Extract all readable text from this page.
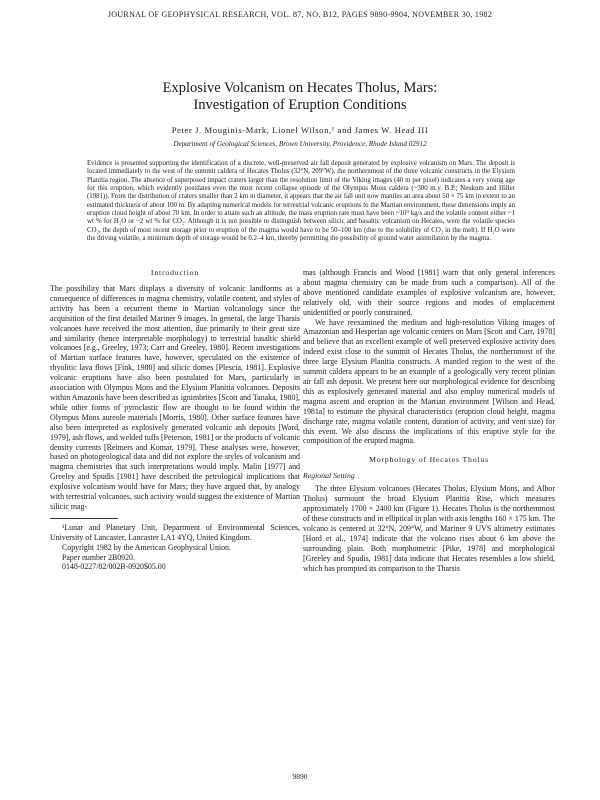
JOURNAL OF GEOPHYSICAL RESEARCH, VOL. 87, NO. B12, PAGES 9890-9904, NOVEMBER 30, 1982
Explosive Volcanism on Hecates Tholus, Mars:
Investigation of Eruption Conditions
Peter J. Mouginis-Mark, Lionel Wilson,¹ and James W. Head III
Department of Geological Sciences, Brown University, Providence, Rhode Island 02912

Evidence is presented supporting the identification of a discrete, well-preserved air fall deposit generated by explosive volcanism on Mars. The deposit is located immediately to the west of the summit caldera of Hecates Tholus (32°N, 209°W), the northernmost of the three volcanic constructs in the Elysium Planitia region. The absence of superposed impact craters larger than the resolution limit of the Viking images (40 m per pixel) indicates a very young age for this eruption, which evidently postdates even the most recent collapse episode of the Olympus Mons caldera (~300 m.y. B.P.; Neukum and Hiller (1981)). From the distribution of craters smaller than 2 km in diameter, it appears that the air fall unit now mantles an area about 50 × 75 km in extent to an estimated thickness of about 100 m. By adapting numerical models for terrestrial volcanic eruptions to the Martian environment, these dimensions imply an eruption cloud height of about 70 km. In order to attain such an altitude, the mass eruption rate must have been ~10⁹ kg/s and the volatile content either ~1 wt % for H₂O or ~2 wt % for CO₂. Although it is not possible to distinguish between silicic and basaltic volcanism on Hecates, were the volatile species CO₂, the depth of most recent storage prior to eruption of the magma would have to be 50–100 km (due to the solubility of CO₂ in the melt). If H₂O were the driving volatile, a minimum depth of storage would be 0.2–4 km, thereby permitting the possibility of ground water assimilation by the magma.

Introduction

The possibility that Mars displays a diversity of volcanic landforms as a consequence of differences in magma chemistry, volatile content, and styles of activity has been a recurrent theme in Martian volcanology since the acquisition of the first detailed Mariner 9 images. In general, the large Tharsis volcanoes have received the most attention, due primarily to their great size and similarity (hence interpretable morphology) to terrestrial basaltic shield volcanoes [e.g., Greeley, 1973; Carr and Greeley, 1980]. Recent investigations of Martian surface features have, however, speculated on the existence of rhyolitic lava flows [Fink, 1980] and silicic domes [Plescia, 1981]. Explosive volcanic eruptions have also been postulated for Mars, particularly in association with Olympus Mons and the Elysium Planitia volcanoes. Deposits within Amazonis have been described as ignimbrites [Scott and Tanaka, 1980], while other forms of pyroclastic flow are thought to be found within the Olympus Mons aureole materials [Morris, 1980]. Other surface features have also been interpreted as explosively generated volcanic ash deposits [Ward, 1979], ash flows, and welded tuffs [Peterson, 1981] or the products of volcanic density currents [Reimers and Komar, 1979]. These analyses were, however, based on photogeological data and did not explore the styles of volcanism and magma chemistries that such interpretations would imply. Malin [1977] and Greeley and Spudis [1981] have described the petrological implications that explosive volcanism would have for Mars; they have argued that, by analogy with terrestrial volcanoes, such activity would suggest the existence of Martian silicic mag-

¹Lunar and Planetary Unit, Department of Environmental Sciences, University of Lancaster, Lancaster LA1 4YQ, United Kingdom.

Copyright 1982 by the American Geophysical Union.

Paper number 2B0920.

0148-0227/82/002B-0920$05.00

mas (although Francis and Wood [1981] warn that only general inferences about magma chemistry can be made from such a comparison). All of the above mentioned candidate examples of explosive volcanism are, however, relatively old, with their source regions and modes of emplacement unidentified or poorly constrained.

We have reexamined the medium and high-resolution Viking images of Amazonian and Hesperian age volcanic centers on Mars [Scott and Carr, 1978] and believe that an excellent example of well preserved explosive activity does indeed exist close to the summit of Hecates Tholus, the northernmost of the three large Elysium Planitia constructs. A mantled region to the west of the summit caldera appears to be an example of a geologically very recent plinian air fall ash deposit. We present here our morphological evidence for describing this as explosively generated material and also employ numerical models of magma ascent and eruption in the Martian environment [Wilson and Head, 1981a] to estimate the physical characteristics (eruption cloud height, magma discharge rate, magma volatile content, duration of activity, and vent size) for this event. We also discuss the implications of this eruptive style for the composition of the erupted magma.

Morphology of Hecates Tholus
Regional Setting

The three Elysium volcanoes (Hecates Tholus, Elysium Mons, and Albor Tholus) surmount the broad Elysium Planitia Rise, which measures approximately 1700 × 2400 km (Figure 1). Hecates Tholus is the northernmost of these constructs and in elliptical in plan with axis lengths 160 × 175 km. The volcano is centered at 32°N, 209°W, and Mariner 9 UVS altimetry estimates [Hord et al., 1974] indicate that the volcano rises about 6 km above the surrounding plain. Both morphometric [Pike, 1978] and morphological [Greeley and Spudis, 1981] data indicate that Hecates resembles a low shield, which has prompted its comparison to the Tharsis

9890
